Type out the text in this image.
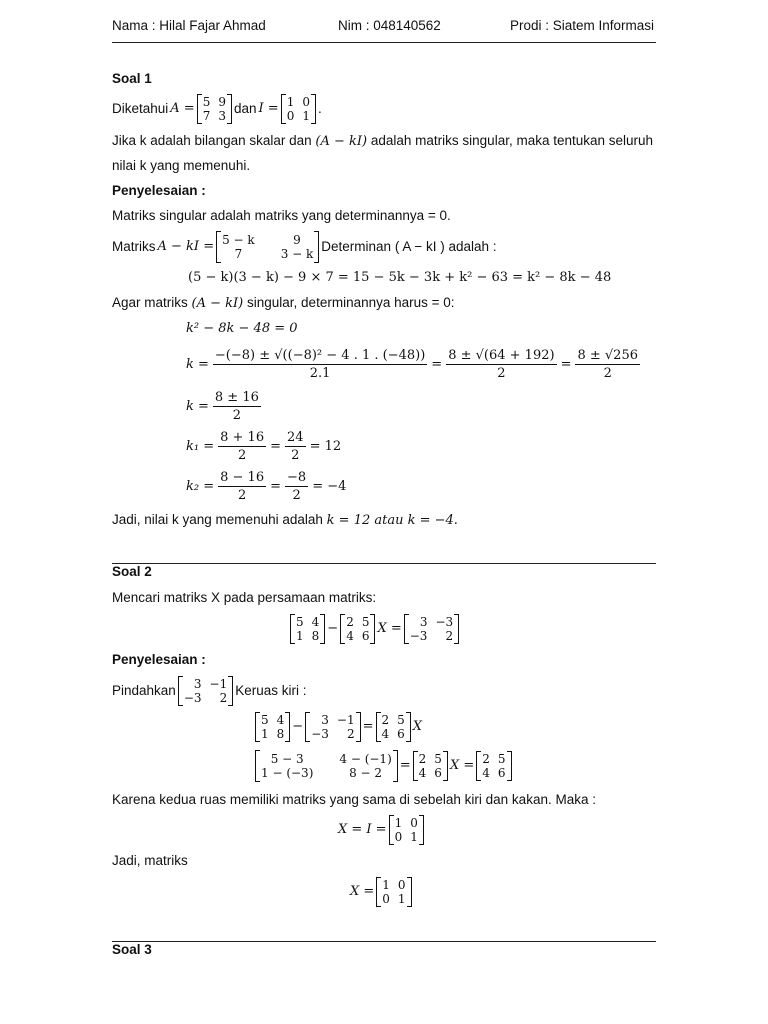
Nama : Hilal Fajar Ahmad	Nim : 048140562	Prodi : Siatem Informasi
Soal 1
Diketahui A = 5 9
7 3 dan I = 1 0
0 1 .
Jika k adalah bilangan skalar dan (A − kI) adalah matriks singular, maka tentukan seluruh
nilai k yang memenuhi.
Penyelesaian :
Matriks singular adalah matriks yang determinannya = 0.
Matriks A − kI = 5 − k	9
7	3 − k Determinan ( A − kI ) adalah :
(5 − k)(3 − k) − 9 × 7 = 15 − 5k − 3k + k² − 63 = k² − 8k − 48
Agar matriks (A − kI) singular, determinannya harus = 0:
k² − 8k − 48 = 0
$k = \frac{\text{−(−8) ± √((−8)² − 4 . 1 . (−48))}}{2.1} = \frac{8 \pm √(64 + 192)}{2} = \frac{8 \pm √256}{2}$
$k = \frac{8 \pm 16}{2}$
$k_1 = \frac{8 + 16}{2} = \frac{24}{2} = 12$
$k_2 = \frac{8 - 16}{2} = \frac{-8}{2} = -4$
Jadi, nilai k yang memenuhi adalah k = 12 atau k = −4.
Soal 2
Mencari matriks X pada persamaan matriks:
5 4
1 8 − 2 5
4 6 X =	3 −3
−3	2
Penyelesaian :
Pindahkan	3 −1
−3	2 Keruas kiri :
5 4
1 8 −	3 −1
−3	2 = 2 5
4 6 X
5 − 3	4 − (−1)
1 − (−3)	8 − 2	= 2 5
4 6 X = 2 5
4 6
Karena kedua ruas memiliki matriks yang sama di sebelah kiri dan kakan. Maka :
X = I = 1 0
0 1
Jadi, matriks
X = 1 0
0 1
Soal 3
